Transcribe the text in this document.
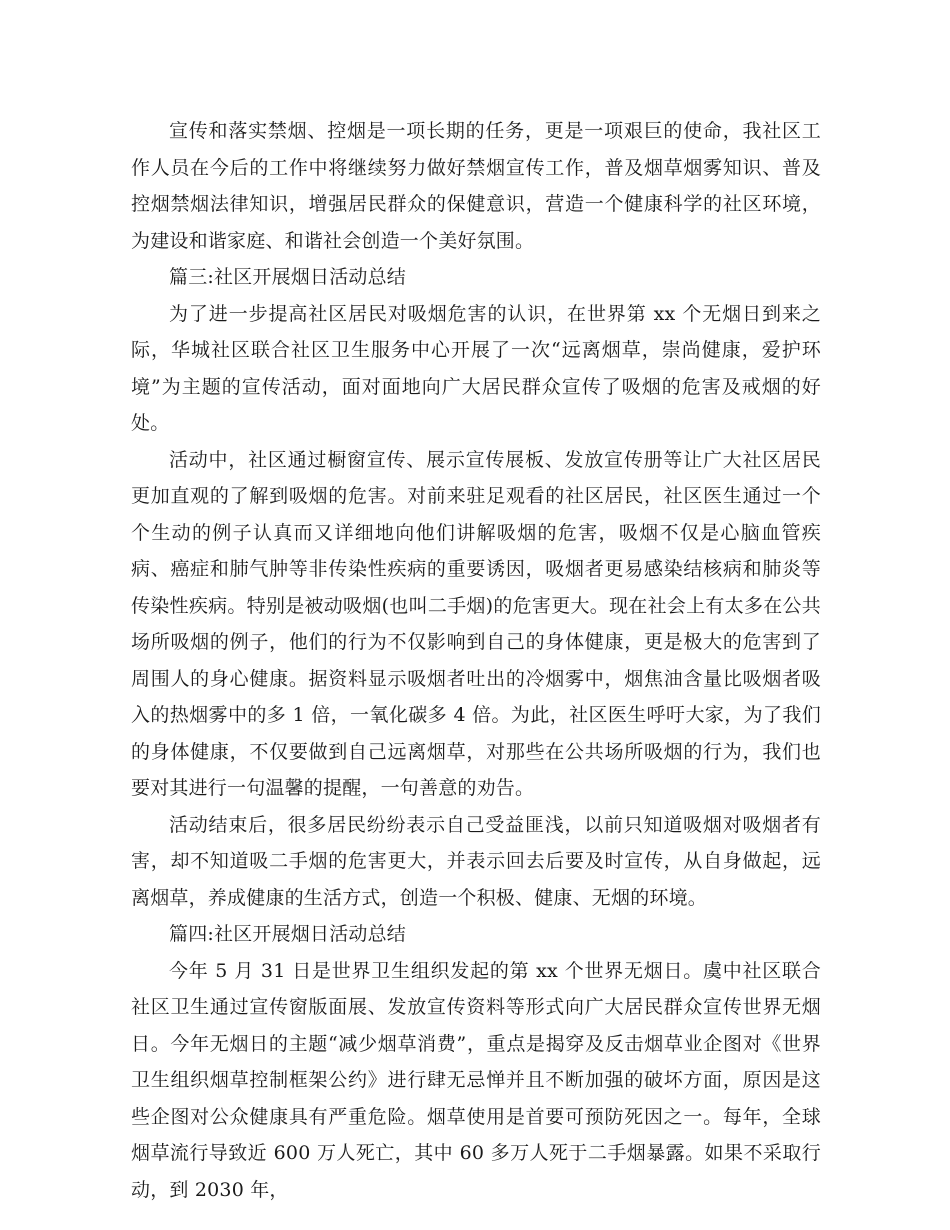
宣传和落实禁烟、控烟是一项长期的任务，更是一项艰巨的使命，我社区工作人员在今后的工作中将继续努力做好禁烟宣传工作，普及烟草烟雾知识、普及控烟禁烟法律知识，增强居民群众的保健意识，营造一个健康科学的社区环境，为建设和谐家庭、和谐社会创造一个美好氛围。

篇三:社区开展烟日活动总结

为了进一步提高社区居民对吸烟危害的认识，在世界第 xx 个无烟日到来之际，华城社区联合社区卫生服务中心开展了一次“远离烟草，崇尚健康，爱护环境”为主题的宣传活动，面对面地向广大居民群众宣传了吸烟的危害及戒烟的好处。

活动中，社区通过橱窗宣传、展示宣传展板、发放宣传册等让广大社区居民更加直观的了解到吸烟的危害。对前来驻足观看的社区居民，社区医生通过一个个生动的例子认真而又详细地向他们讲解吸烟的危害，吸烟不仅是心脑血管疾病、癌症和肺气肿等非传染性疾病的重要诱因，吸烟者更易感染结核病和肺炎等传染性疾病。特别是被动吸烟(也叫二手烟)的危害更大。现在社会上有太多在公共场所吸烟的例子，他们的行为不仅影响到自己的身体健康，更是极大的危害到了周围人的身心健康。据资料显示吸烟者吐出的冷烟雾中，烟焦油含量比吸烟者吸入的热烟雾中的多 1 倍，一氧化碳多 4 倍。为此，社区医生呼吁大家，为了我们的身体健康，不仅要做到自己远离烟草，对那些在公共场所吸烟的行为，我们也要对其进行一句温馨的提醒，一句善意的劝告。

活动结束后，很多居民纷纷表示自己受益匪浅，以前只知道吸烟对吸烟者有害，却不知道吸二手烟的危害更大，并表示回去后要及时宣传，从自身做起，远离烟草，养成健康的生活方式，创造一个积极、健康、无烟的环境。

篇四:社区开展烟日活动总结

今年 5 月 31 日是世界卫生组织发起的第 xx 个世界无烟日。虞中社区联合社区卫生通过宣传窗版面展、发放宣传资料等形式向广大居民群众宣传世界无烟日。今年无烟日的主题“减少烟草消费”，重点是揭穿及反击烟草业企图对《世界卫生组织烟草控制框架公约》进行肆无忌惮并且不断加强的破坏方面，原因是这些企图对公众健康具有严重危险。烟草使用是首要可预防死因之一。每年，全球烟草流行导致近 600 万人死亡，其中 60 多万人死于二手烟暴露。如果不采取行动，到 2030 年，
